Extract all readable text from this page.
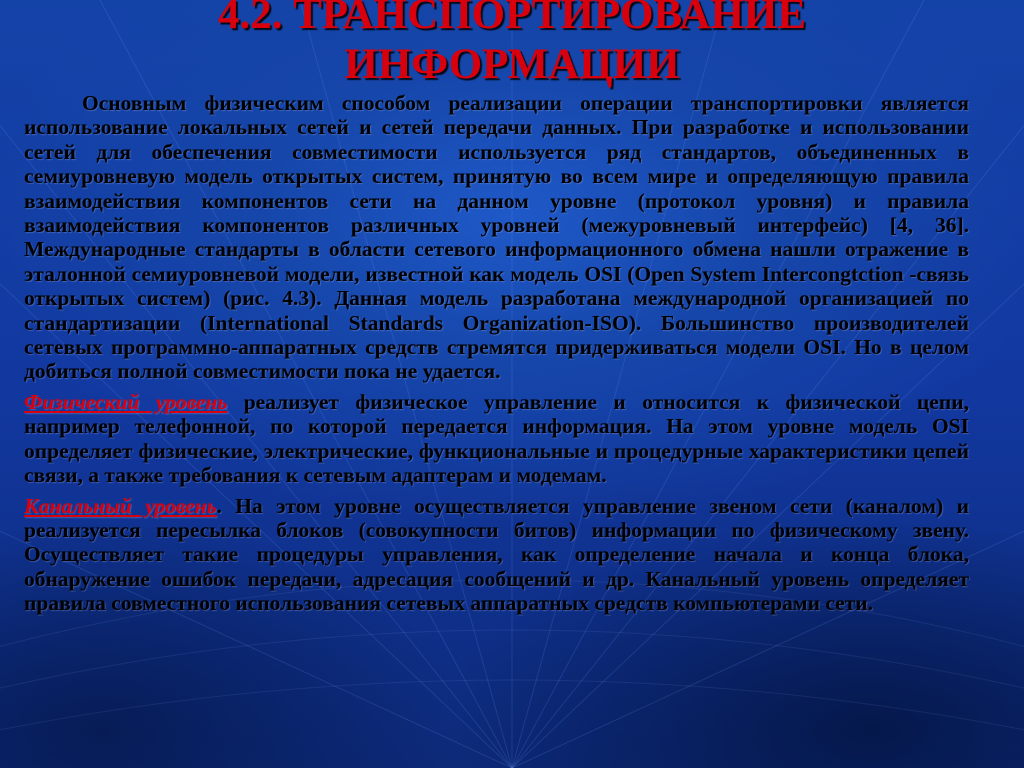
4.2. ТРАНСПОРТИРОВАНИЕ
ИНФОРМАЦИИ

Основным физическим способом реализации операции транспортировки является использование локальных сетей и сетей передачи данных. При разработке и использовании сетей для обеспечения совместимости используется ряд стандартов, объединенных в семиуровневую модель открытых систем, принятую во всем мире и определяющую правила взаимодействия компонентов сети на данном уровне (протокол уровня) и правила взаимодействия компонентов различных уровней (межуровневый интерфейс) [4, 36]. Международные стандарты в области сетевого информационного обмена нашли отражение в эталонной семиуровневой модели, известной как модель OSI (Open System Intercongtction -связь открытых систем) (рис. 4.3). Данная модель разработана международной организацией по стандартизации (International Standards Organization-ISO). Большинство производителей сетевых программно-аппаратных средств стремятся придерживаться модели OSI. Но в целом добиться полной совместимости пока не удается.

Физический уровень реализует физическое управление и относится к физической цепи, например телефонной, по которой передается информация. На этом уровне модель OSI определяет физические, электрические, функциональные и процедурные характеристики цепей связи, а также требования к сетевым адаптерам и модемам.

Канальный уровень. На этом уровне осуществляется управление звеном сети (каналом) и реализуется пересылка блоков (совокупности битов) информации по физическому звену. Осуществляет такие процедуры управления, как определение начала и конца блока, обнаружение ошибок передачи, адресация сообщений и др. Канальный уровень определяет правила совместного использования сетевых аппаратных средств компьютерами сети.
